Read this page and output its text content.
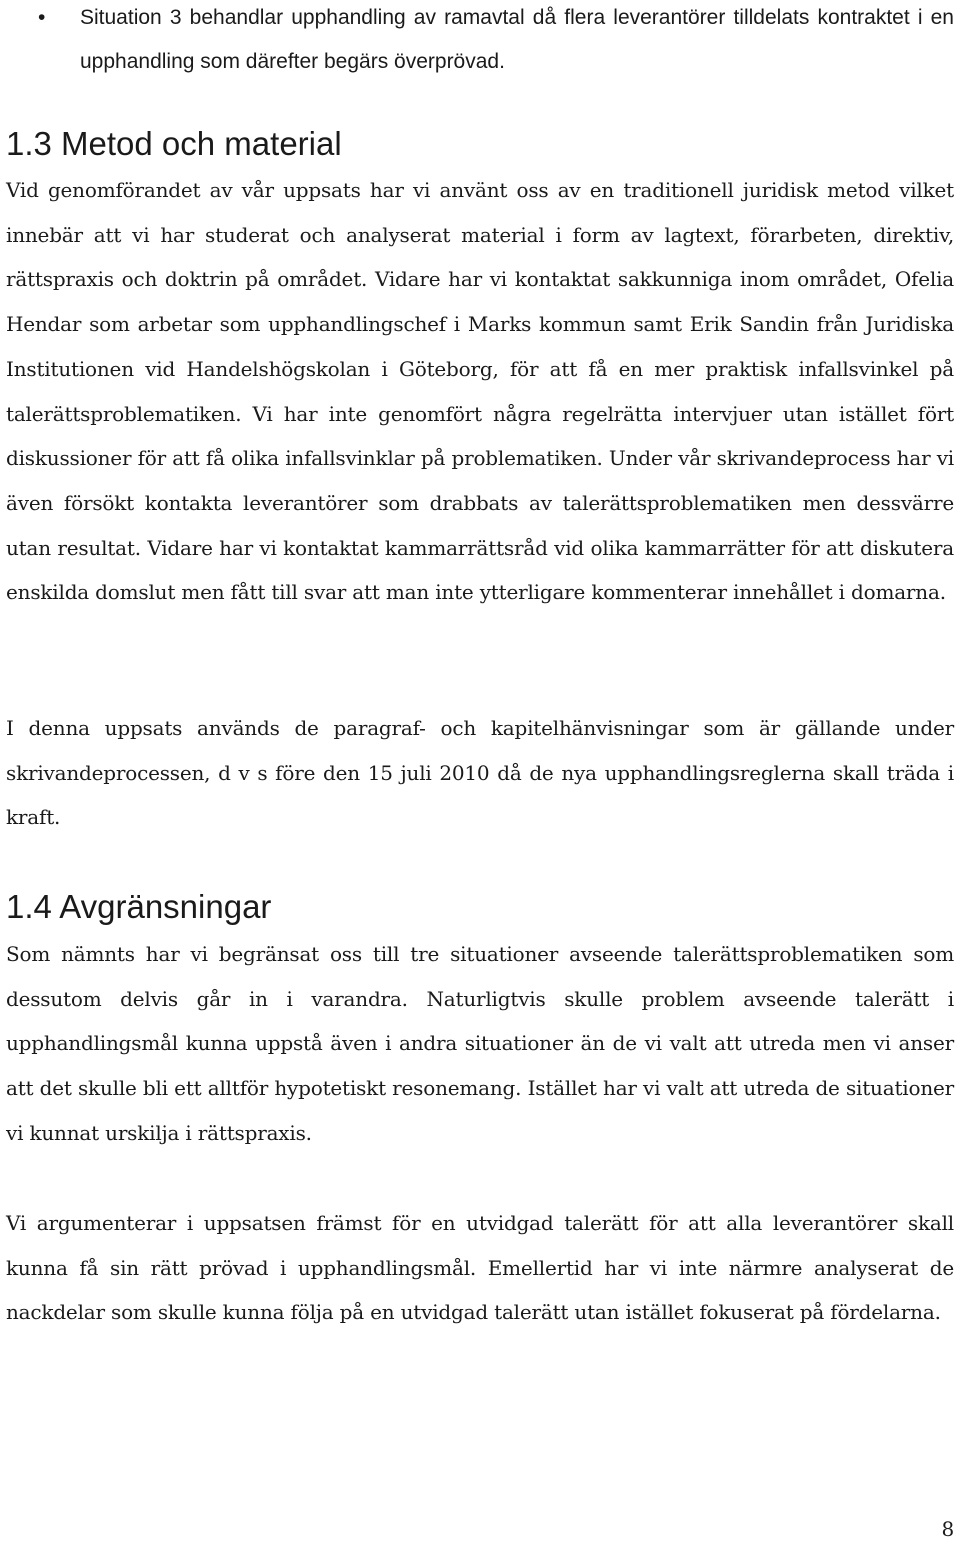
•	Situation 3 behandlar upphandling av ramavtal då flera leverantörer tilldelats kontraktet i en upphandling som därefter begärs överprövad.
1.3 Metod och material

Vid genomförandet av vår uppsats har vi använt oss av en traditionell juridisk metod vilket innebär att vi har studerat och analyserat material i form av lagtext, förarbeten, direktiv, rättspraxis och doktrin på området. Vidare har vi kontaktat sakkunniga inom området, Ofelia Hendar som arbetar som upphandlingschef i Marks kommun samt Erik Sandin från Juridiska Institutionen vid Handelshögskolan i Göteborg, för att få en mer praktisk infallsvinkel på talerättsproblematiken. Vi har inte genomfört några regelrätta intervjuer utan istället fört diskussioner för att få olika infallsvinklar på problematiken. Under vår skrivandeprocess har vi även försökt kontakta leverantörer som drabbats av talerättsproblematiken men dessvärre utan resultat. Vidare har vi kontaktat kammarrättsråd vid olika kammarrätter för att diskutera enskilda domslut men fått till svar att man inte ytterligare kommenterar innehållet i domarna.

I denna uppsats används de paragraf- och kapitelhänvisningar som är gällande under skrivandeprocessen, d v s före den 15 juli 2010 då de nya upphandlingsreglerna skall träda i kraft.

1.4 Avgränsningar

Som nämnts har vi begränsat oss till tre situationer avseende talerättsproblematiken som dessutom delvis går in i varandra. Naturligtvis skulle problem avseende talerätt i upphandlingsmål kunna uppstå även i andra situationer än de vi valt att utreda men vi anser att det skulle bli ett alltför hypotetiskt resonemang. Istället har vi valt att utreda de situationer vi kunnat urskilja i rättspraxis.

Vi argumenterar i uppsatsen främst för en utvidgad talerätt för att alla leverantörer skall kunna få sin rätt prövad i upphandlingsmål. Emellertid har vi inte närmre analyserat de nackdelar som skulle kunna följa på en utvidgad talerätt utan istället fokuserat på fördelarna.

8
